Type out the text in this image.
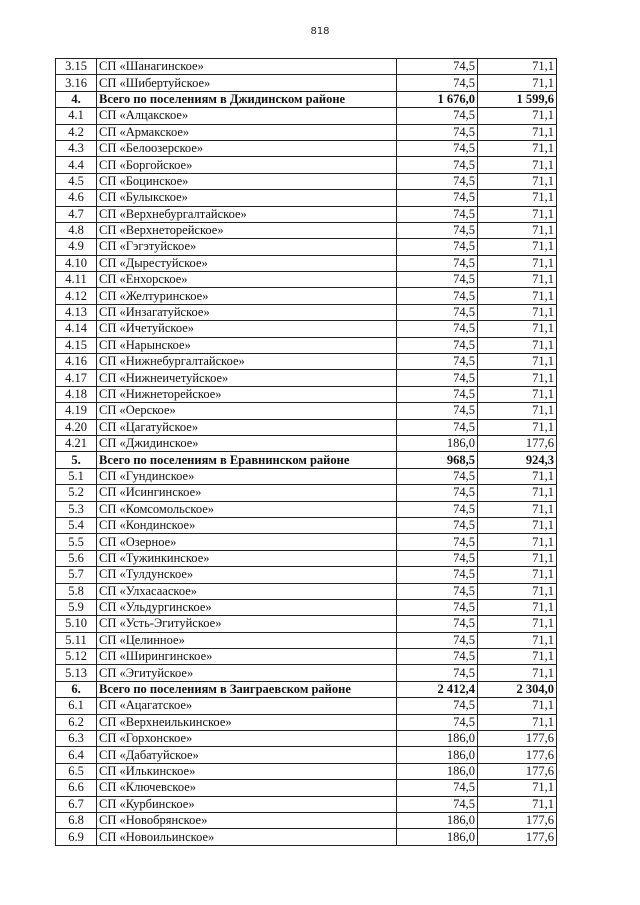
818
3.15	СП «Шанагинское»	74,5	71,1
3.16	СП «Шибертуйское»	74,5	71,1
4.	Всего по поселениям в Джидинском районе	1 676,0	1 599,6
4.1	СП «Алцакское»	74,5	71,1
4.2	СП «Армакское»	74,5	71,1
4.3	СП «Белоозерское»	74,5	71,1
4.4	СП «Боргойское»	74,5	71,1
4.5	СП «Боцинское»	74,5	71,1
4.6	СП «Булыкское»	74,5	71,1
4.7	СП «Верхнебургалтайское»	74,5	71,1
4.8	СП «Верхнеторейское»	74,5	71,1
4.9	СП «Гэгэтуйское»	74,5	71,1
4.10	СП «Дырестуйское»	74,5	71,1
4.11	СП «Енхорское»	74,5	71,1
4.12	СП «Желтуринское»	74,5	71,1
4.13	СП «Инзагатуйское»	74,5	71,1
4.14	СП «Ичетуйское»	74,5	71,1
4.15	СП «Нарынское»	74,5	71,1
4.16	СП «Нижнебургалтайское»	74,5	71,1
4.17	СП «Нижнеичетуйское»	74,5	71,1
4.18	СП «Нижнеторейское»	74,5	71,1
4.19	СП «Оерское»	74,5	71,1
4.20	СП «Цагатуйское»	74,5	71,1
4.21	СП «Джидинское»	186,0	177,6
5.	Всего по поселениям в Еравнинском районе	968,5	924,3
5.1	СП «Гундинское»	74,5	71,1
5.2	СП «Исингинское»	74,5	71,1
5.3	СП «Комсомольское»	74,5	71,1
5.4	СП «Кондинское»	74,5	71,1
5.5	СП «Озерное»	74,5	71,1
5.6	СП «Тужинкинское»	74,5	71,1
5.7	СП «Тулдунское»	74,5	71,1
5.8	СП «Улхасаaское»	74,5	71,1
5.9	СП «Ульдургинское»	74,5	71,1
5.10	СП «Усть-Эгитуйское»	74,5	71,1
5.11	СП «Целинное»	74,5	71,1
5.12	СП «Ширингинское»	74,5	71,1
5.13	СП «Эгитуйское»	74,5	71,1
6.	Всего по поселениям в Заиграевском районе	2 412,4	2 304,0
6.1	СП «Ацагатское»	74,5	71,1
6.2	СП «Верхнеилькинское»	74,5	71,1
6.3	СП «Горхонское»	186,0	177,6
6.4	СП «Дабатуйское»	186,0	177,6
6.5	СП «Илькинское»	186,0	177,6
6.6	СП «Ключевское»	74,5	71,1
6.7	СП «Курбинское»	74,5	71,1
6.8	СП «Новобрянское»	186,0	177,6
6.9	СП «Новоильинское»	186,0	177,6
